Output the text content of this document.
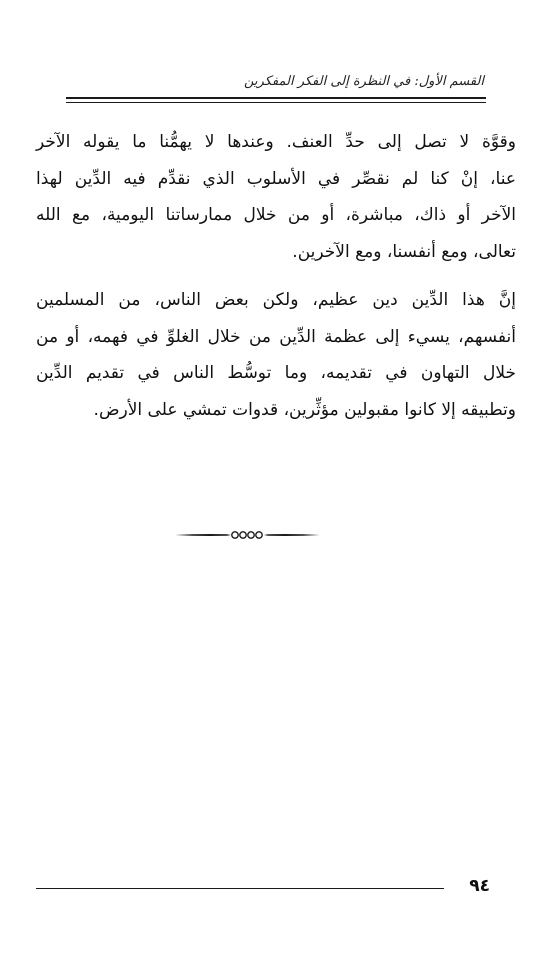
القسم الأول: في النظرة إلى الفكر المفكرين

وقوَّة لا تصل إلى حدِّ العنف. وعندها لا يهمُّنا ما يقوله الآخر
عنا، إنْ كنا لم نقصِّر في الأسلوب الذي نقدِّم فيه الدِّين لهذا
الآخر أو ذاك، مباشرة، أو من خلال ممارساتنا اليومية، مع الله
تعالى، ومع أنفسنا، ومع الآخرين.

إنَّ هذا الدِّين دين عظيم، ولكن بعض الناس، من المسلمين
أنفسهم، يسيء إلى عظمة الدِّين من خلال الغلوِّ في فهمه، أو من
خلال التهاون في تقديمه، وما توسُّط الناس في تقديم الدِّين
وتطبيقه إلا كانوا مقبولين مؤثِّرين، قدوات تمشي على الأرض.

٩٤
